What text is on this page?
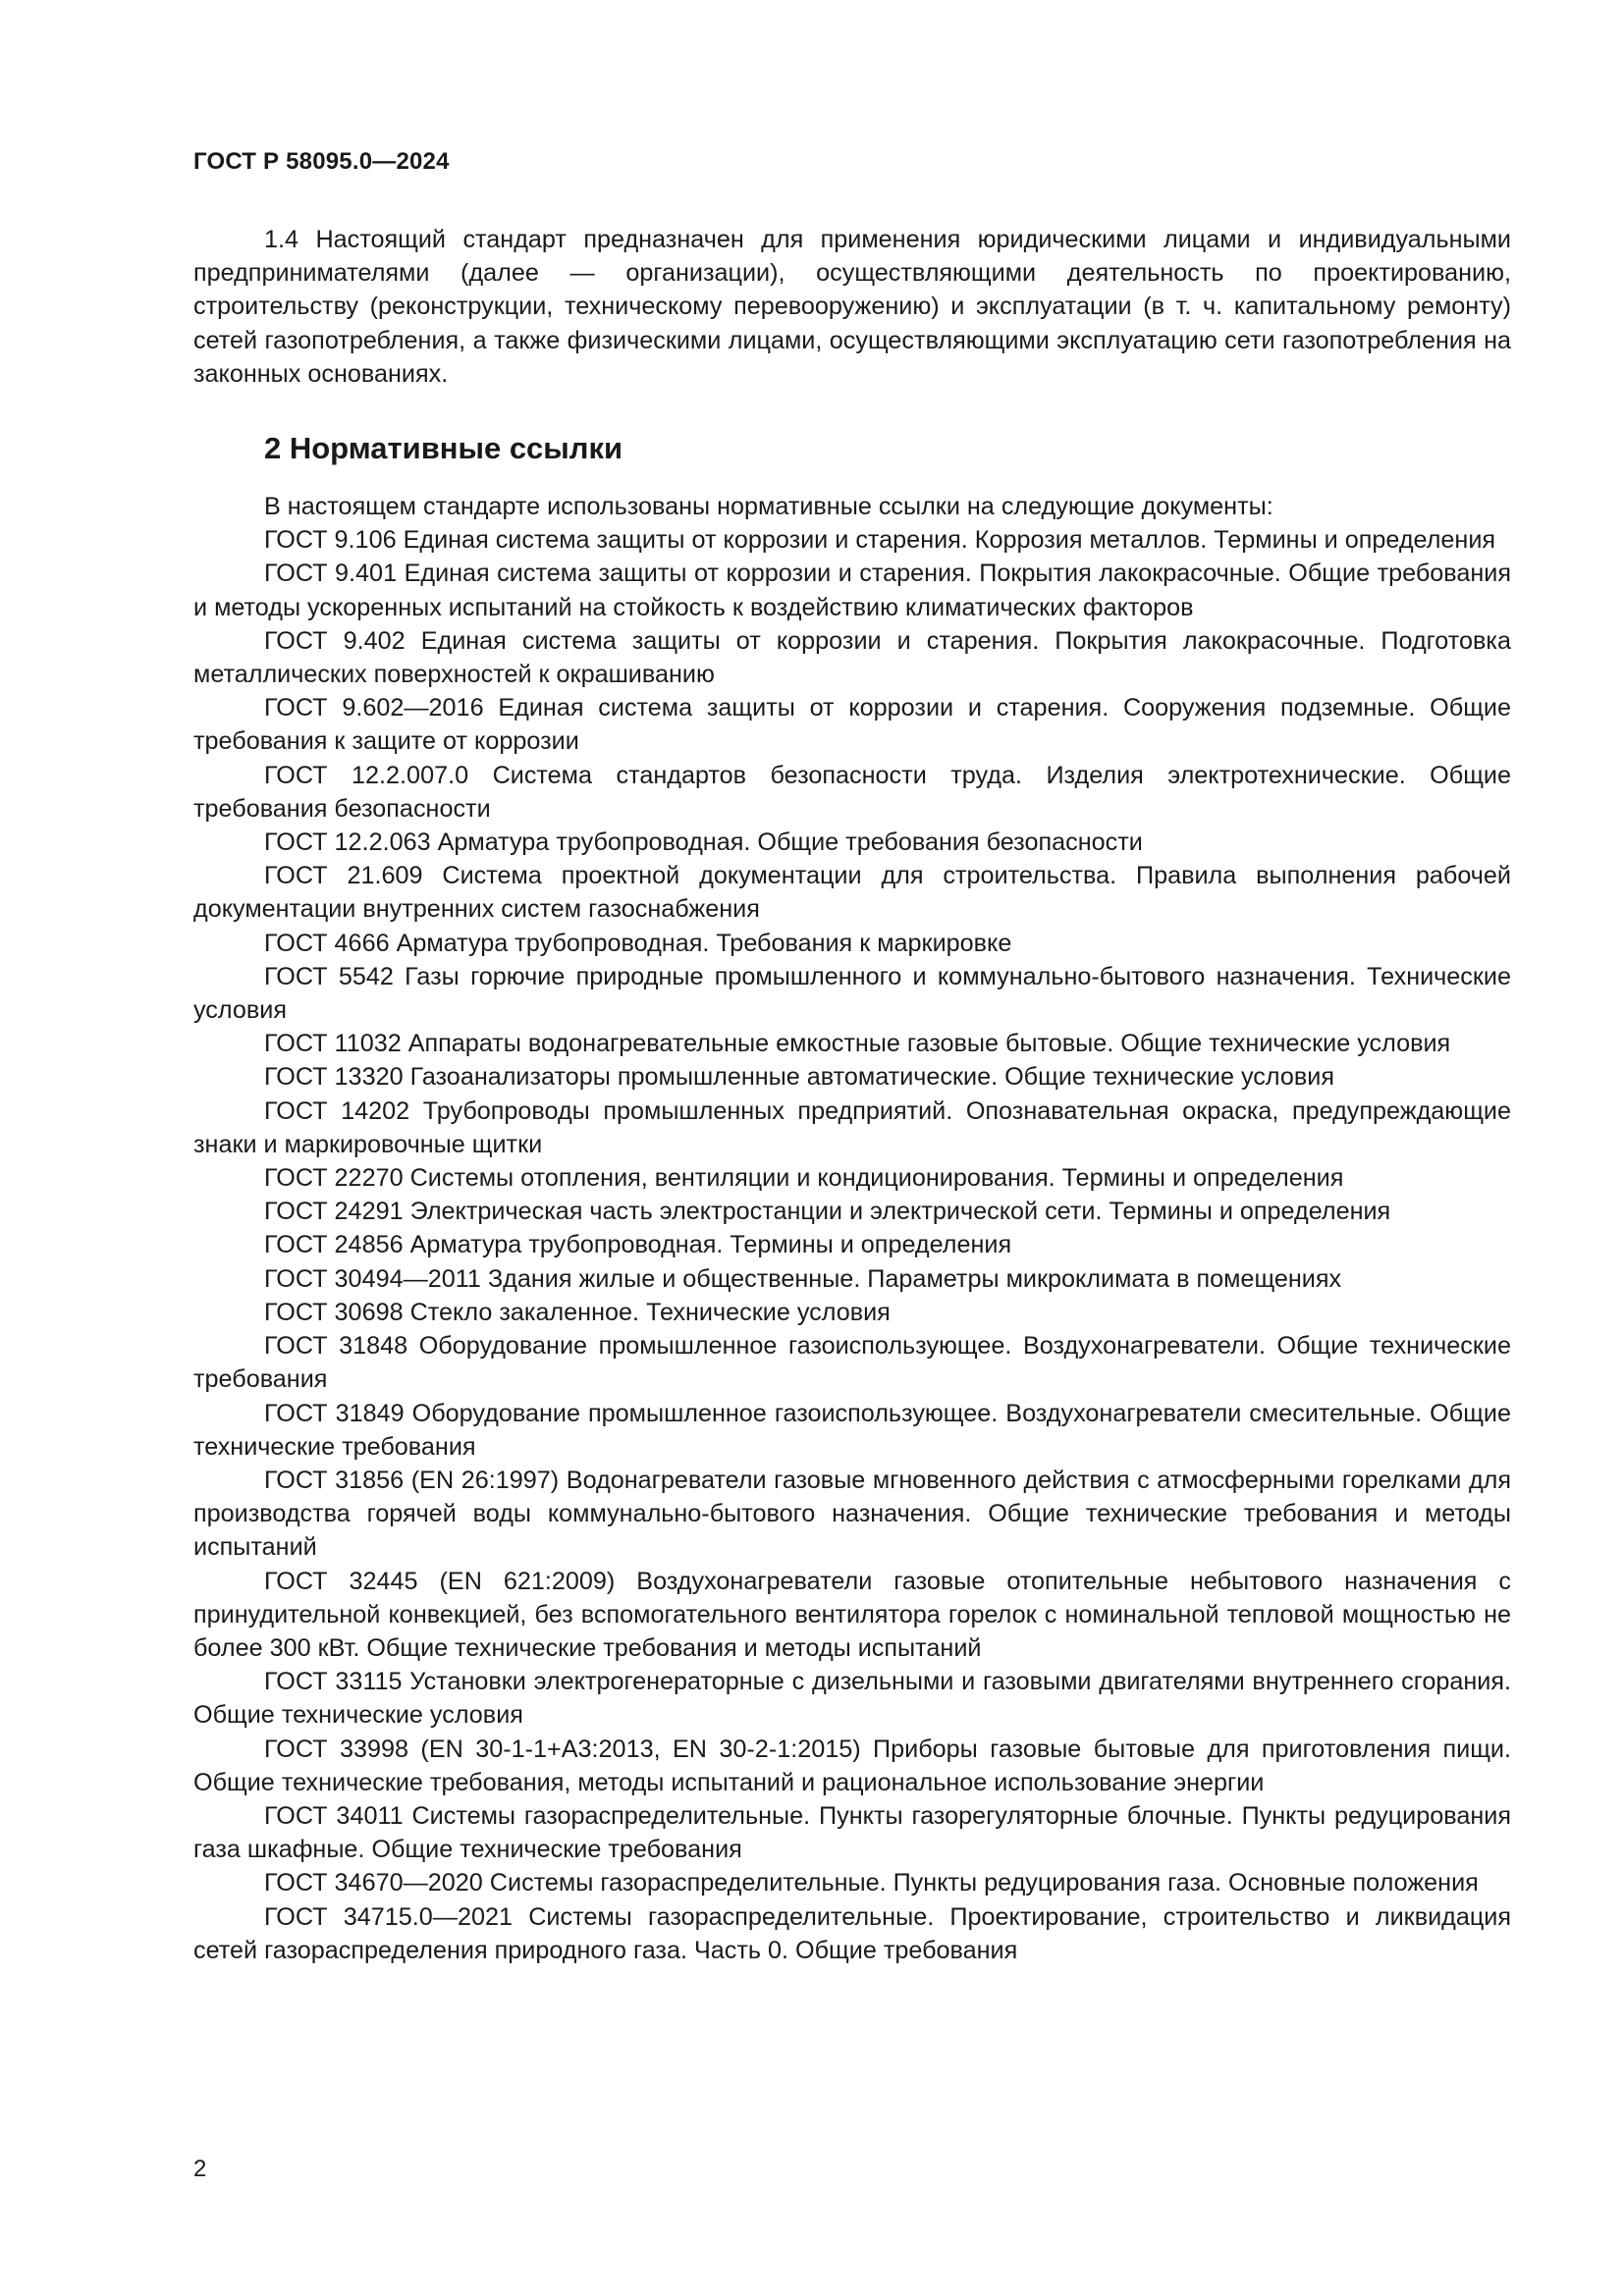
ГОСТ Р 58095.0—2024

1.4 Настоящий стандарт предназначен для применения юридическими лицами и индивидуальными предпринимателями (далее — организации), осуществляющими деятельность по проектированию, строительству (реконструкции, техническому перевооружению) и эксплуатации (в т. ч. капитальному ремонту) сетей газопотребления, а также физическими лицами, осуществляющими эксплуатацию сети газопотребления на законных основаниях.

2 Нормативные ссылки

В настоящем стандарте использованы нормативные ссылки на следующие документы:

ГОСТ 9.106 Единая система защиты от коррозии и старения. Коррозия металлов. Термины и определения

ГОСТ 9.401 Единая система защиты от коррозии и старения. Покрытия лакокрасочные. Общие требования и методы ускоренных испытаний на стойкость к воздействию климатических факторов

ГОСТ 9.402 Единая система защиты от коррозии и старения. Покрытия лакокрасочные. Подготовка металлических поверхностей к окрашиванию

ГОСТ 9.602—2016 Единая система защиты от коррозии и старения. Сооружения подземные. Общие требования к защите от коррозии

ГОСТ 12.2.007.0 Система стандартов безопасности труда. Изделия электротехнические. Общие требования безопасности

ГОСТ 12.2.063 Арматура трубопроводная. Общие требования безопасности

ГОСТ 21.609 Система проектной документации для строительства. Правила выполнения рабочей документации внутренних систем газоснабжения

ГОСТ 4666 Арматура трубопроводная. Требования к маркировке

ГОСТ 5542 Газы горючие природные промышленного и коммунально-бытового назначения. Технические условия

ГОСТ 11032 Аппараты водонагревательные емкостные газовые бытовые. Общие технические условия

ГОСТ 13320 Газоанализаторы промышленные автоматические. Общие технические условия

ГОСТ 14202 Трубопроводы промышленных предприятий. Опознавательная окраска, предупреждающие знаки и маркировочные щитки

ГОСТ 22270 Системы отопления, вентиляции и кондиционирования. Термины и определения

ГОСТ 24291 Электрическая часть электростанции и электрической сети. Термины и определения

ГОСТ 24856 Арматура трубопроводная. Термины и определения

ГОСТ 30494—2011 Здания жилые и общественные. Параметры микроклимата в помещениях

ГОСТ 30698 Стекло закаленное. Технические условия

ГОСТ 31848 Оборудование промышленное газоиспользующее. Воздухонагреватели. Общие технические требования

ГОСТ 31849 Оборудование промышленное газоиспользующее. Воздухонагреватели смесительные. Общие технические требования

ГОСТ 31856 (EN 26:1997) Водонагреватели газовые мгновенного действия с атмосферными горелками для производства горячей воды коммунально-бытового назначения. Общие технические требования и методы испытаний

ГОСТ 32445 (EN 621:2009) Воздухонагреватели газовые отопительные небытового назначения с принудительной конвекцией, без вспомогательного вентилятора горелок с номинальной тепловой мощностью не более 300 кВт. Общие технические требования и методы испытаний

ГОСТ 33115 Установки электрогенераторные с дизельными и газовыми двигателями внутреннего сгорания. Общие технические условия

ГОСТ 33998 (EN 30-1-1+A3:2013, EN 30-2-1:2015) Приборы газовые бытовые для приготовления пищи. Общие технические требования, методы испытаний и рациональное использование энергии

ГОСТ 34011 Системы газораспределительные. Пункты газорегуляторные блочные. Пункты редуцирования газа шкафные. Общие технические требования

ГОСТ 34670—2020 Системы газораспределительные. Пункты редуцирования газа. Основные положения

ГОСТ 34715.0—2021 Системы газораспределительные. Проектирование, строительство и ликвидация сетей газораспределения природного газа. Часть 0. Общие требования

2
